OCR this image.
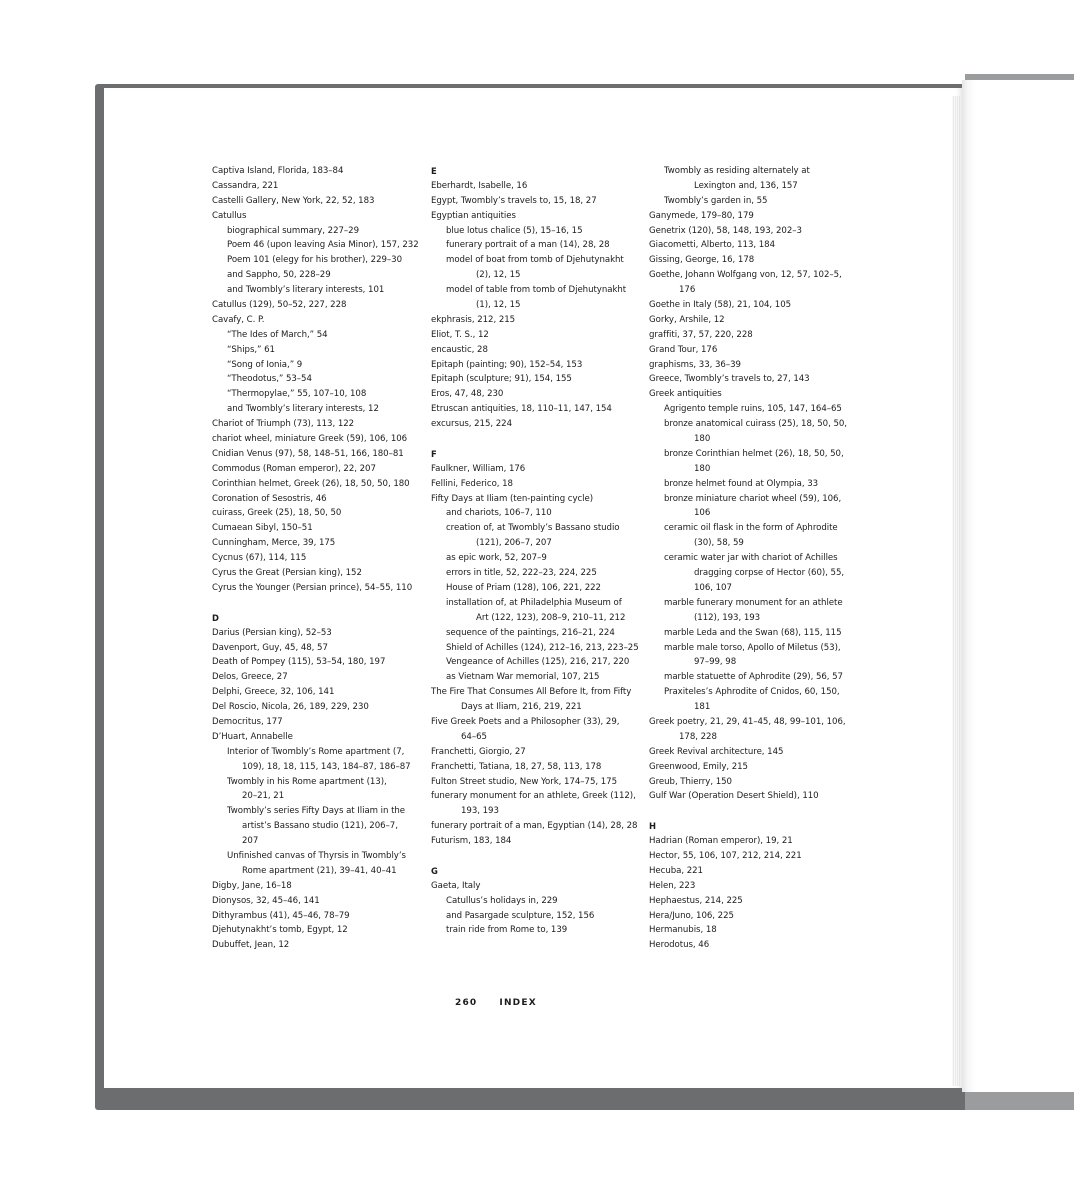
Captiva Island, Florida, 183–84
Cassandra, 221
Castelli Gallery, New York, 22, 52, 183
Catullus
biographical summary, 227–29
Poem 46 (upon leaving Asia Minor), 157, 232
Poem 101 (elegy for his brother), 229–30
and Sappho, 50, 228–29
and Twombly’s literary interests, 101
Catullus (129), 50–52, 227, 228
Cavafy, C. P.
“The Ides of March,” 54
“Ships,” 61
“Song of Ionia,” 9
“Theodotus,” 53–54
“Thermopylae,” 55, 107–10, 108
and Twombly’s literary interests, 12
Chariot of Triumph (73), 113, 122
chariot wheel, miniature Greek (59), 106, 106
Cnidian Venus (97), 58, 148–51, 166, 180–81
Commodus (Roman emperor), 22, 207
Corinthian helmet, Greek (26), 18, 50, 50, 180
Coronation of Sesostris, 46
cuirass, Greek (25), 18, 50, 50
Cumaean Sibyl, 150–51
Cunningham, Merce, 39, 175
Cycnus (67), 114, 115
Cyrus the Great (Persian king), 152
Cyrus the Younger (Persian prince), 54–55, 110
D
Darius (Persian king), 52–53
Davenport, Guy, 45, 48, 57
Death of Pompey (115), 53–54, 180, 197
Delos, Greece, 27
Delphi, Greece, 32, 106, 141
Del Roscio, Nicola, 26, 189, 229, 230
Democritus, 177
D’Huart, Annabelle
Interior of Twombly’s Rome apartment (7,
109), 18, 18, 115, 143, 184–87, 186–87
Twombly in his Rome apartment (13),
20–21, 21
Twombly’s series Fifty Days at Iliam in the
artist’s Bassano studio (121), 206–7,
207
Unfinished canvas of Thyrsis in Twombly’s
Rome apartment (21), 39–41, 40–41
Digby, Jane, 16–18
Dionysos, 32, 45–46, 141
Dithyrambus (41), 45–46, 78–79
Djehutynakht’s tomb, Egypt, 12
Dubuffet, Jean, 12
E
Eberhardt, Isabelle, 16
Egypt, Twombly’s travels to, 15, 18, 27
Egyptian antiquities
blue lotus chalice (5), 15–16, 15
funerary portrait of a man (14), 28, 28
model of boat from tomb of Djehutynakht
(2), 12, 15
model of table from tomb of Djehutynakht
(1), 12, 15
ekphrasis, 212, 215
Eliot, T. S., 12
encaustic, 28
Epitaph (painting; 90), 152–54, 153
Epitaph (sculpture; 91), 154, 155
Eros, 47, 48, 230
Etruscan antiquities, 18, 110–11, 147, 154
excursus, 215, 224
F
Faulkner, William, 176
Fellini, Federico, 18
Fifty Days at Iliam (ten-painting cycle)
and chariots, 106–7, 110
creation of, at Twombly’s Bassano studio
(121), 206–7, 207
as epic work, 52, 207–9
errors in title, 52, 222–23, 224, 225
House of Priam (128), 106, 221, 222
installation of, at Philadelphia Museum of
Art (122, 123), 208–9, 210–11, 212
sequence of the paintings, 216–21, 224
Shield of Achilles (124), 212–16, 213, 223–25
Vengeance of Achilles (125), 216, 217, 220
as Vietnam War memorial, 107, 215
The Fire That Consumes All Before It, from Fifty
Days at Iliam, 216, 219, 221
Five Greek Poets and a Philosopher (33), 29,
64–65
Franchetti, Giorgio, 27
Franchetti, Tatiana, 18, 27, 58, 113, 178
Fulton Street studio, New York, 174–75, 175
funerary monument for an athlete, Greek (112),
193, 193
funerary portrait of a man, Egyptian (14), 28, 28
Futurism, 183, 184
G
Gaeta, Italy
Catullus’s holidays in, 229
and Pasargade sculpture, 152, 156
train ride from Rome to, 139
Twombly as residing alternately at
Lexington and, 136, 157
Twombly’s garden in, 55
Ganymede, 179–80, 179
Genetrix (120), 58, 148, 193, 202–3
Giacometti, Alberto, 113, 184
Gissing, George, 16, 178
Goethe, Johann Wolfgang von, 12, 57, 102–5,
176
Goethe in Italy (58), 21, 104, 105
Gorky, Arshile, 12
graffiti, 37, 57, 220, 228
Grand Tour, 176
graphisms, 33, 36–39
Greece, Twombly’s travels to, 27, 143
Greek antiquities
Agrigento temple ruins, 105, 147, 164–65
bronze anatomical cuirass (25), 18, 50, 50,
180
bronze Corinthian helmet (26), 18, 50, 50,
180
bronze helmet found at Olympia, 33
bronze miniature chariot wheel (59), 106,
106
ceramic oil flask in the form of Aphrodite
(30), 58, 59
ceramic water jar with chariot of Achilles
dragging corpse of Hector (60), 55,
106, 107
marble funerary monument for an athlete
(112), 193, 193
marble Leda and the Swan (68), 115, 115
marble male torso, Apollo of Miletus (53),
97–99, 98
marble statuette of Aphrodite (29), 56, 57
Praxiteles’s Aphrodite of Cnidos, 60, 150,
181
Greek poetry, 21, 29, 41–45, 48, 99–101, 106,
178, 228
Greek Revival architecture, 145
Greenwood, Emily, 215
Greub, Thierry, 150
Gulf War (Operation Desert Shield), 110
H
Hadrian (Roman emperor), 19, 21
Hector, 55, 106, 107, 212, 214, 221
Hecuba, 221
Helen, 223
Hephaestus, 214, 225
Hera/Juno, 106, 225
Hermanubis, 18
Herodotus, 46
260 INDEX
